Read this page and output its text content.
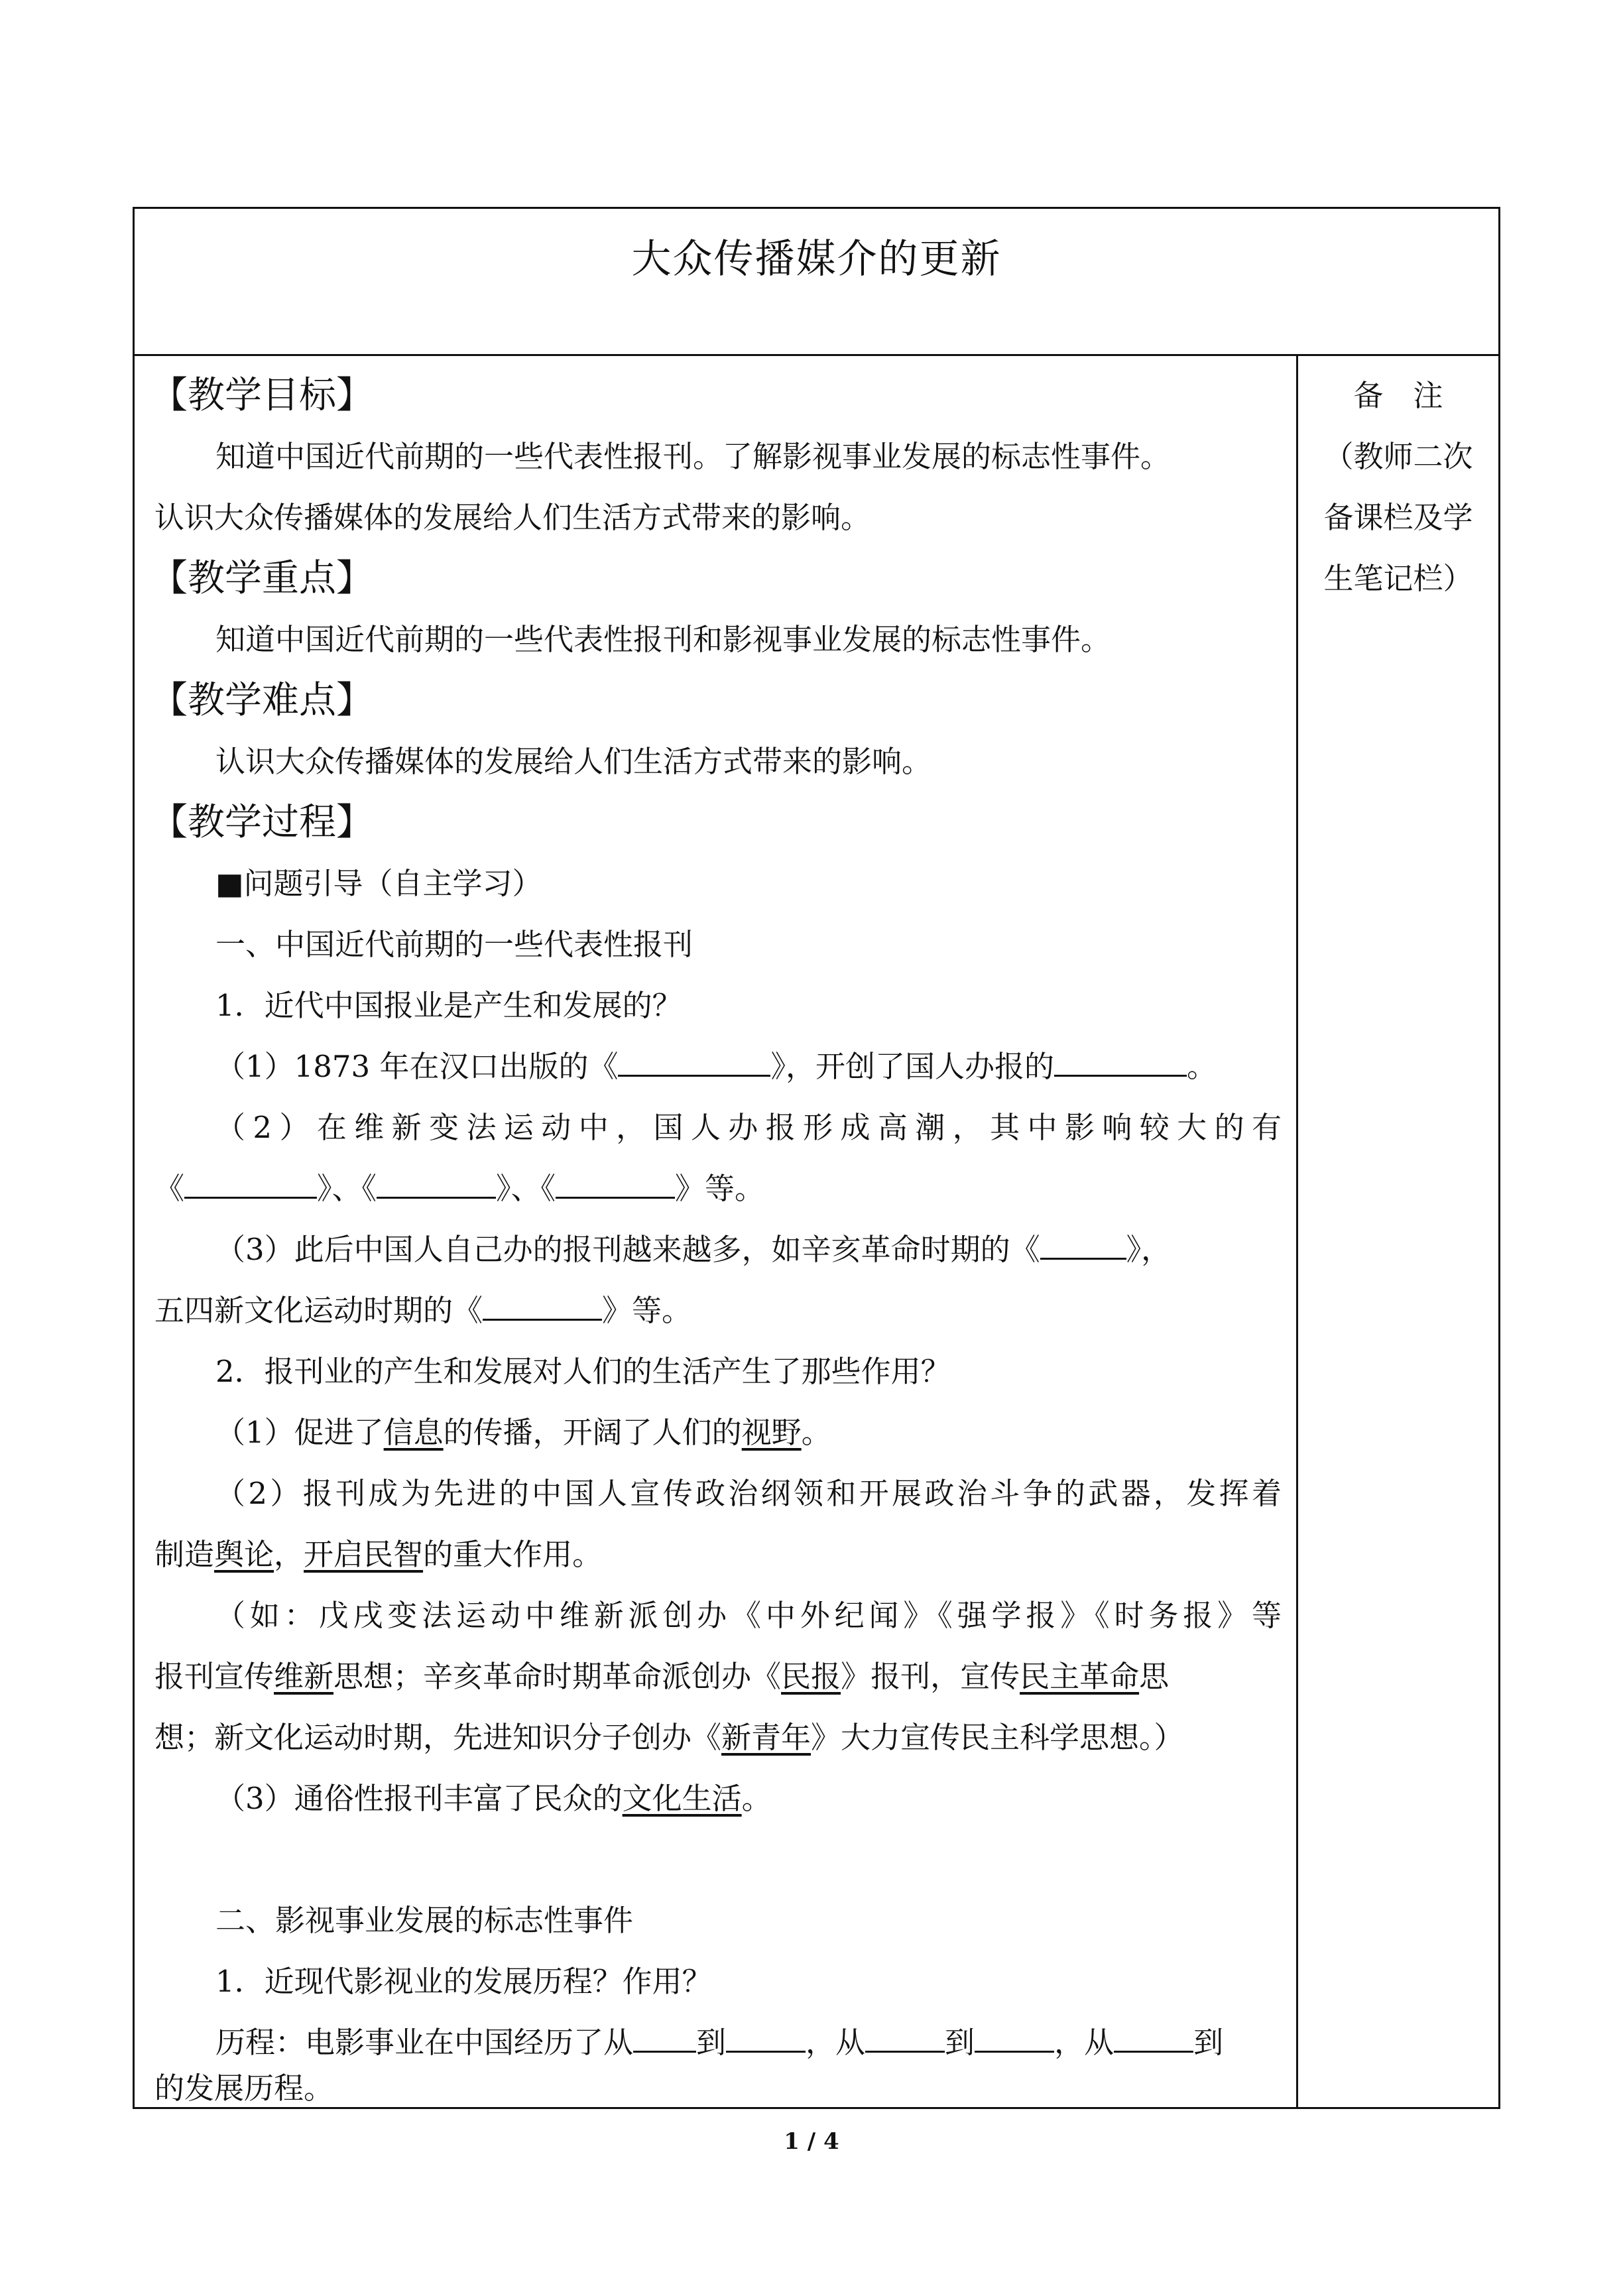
大众传播媒介的更新
【教学目标】
知道中国近代前期的一些代表性报刊。了解影视事业发展的标志性事件。
认识大众传播媒体的发展给人们生活方式带来的影响。
【教学重点】
知道中国近代前期的一些代表性报刊和影视事业发展的标志性事件。
【教学难点】
认识大众传播媒体的发展给人们生活方式带来的影响。
【教学过程】
■问题引导（自主学习）
一、中国近代前期的一些代表性报刊
1．近代中国报业是产生和发展的？
（1）1873 年在汉口出版的《	》，开创了国人办报的	。
（2）在维新变法运动中，国人办报形成高潮，其中影响较大的有
《	》、《	》、《	》等。
（3）此后中国人自己办的报刊越来越多，如辛亥革命时期的《	》，
五四新文化运动时期的《	》等。
2．报刊业的产生和发展对人们的生活产生了那些作用？
（1）促进了信息的传播，开阔了人们的视野。
（2）报刊成为先进的中国人宣传政治纲领和开展政治斗争的武器，发挥着
制造舆论，开启民智的重大作用。
（如：戊戌变法运动中维新派创办《中外纪闻》《强学报》《时务报》等
报刊宣传维新思想；辛亥革命时期革命派创办《民报》报刊，宣传民主革命思
想；新文化运动时期，先进知识分子创办《新青年》大力宣传民主科学思想。）
（3）通俗性报刊丰富了民众的文化生活。
二、影视事业发展的标志性事件
1．近现代影视业的发展历程？作用？
历程：电影事业在中国经历了从 到	，从	到	，从	到
的发展历程。
备　注
（教师二次
备课栏及学
生笔记栏）
1 / 4
